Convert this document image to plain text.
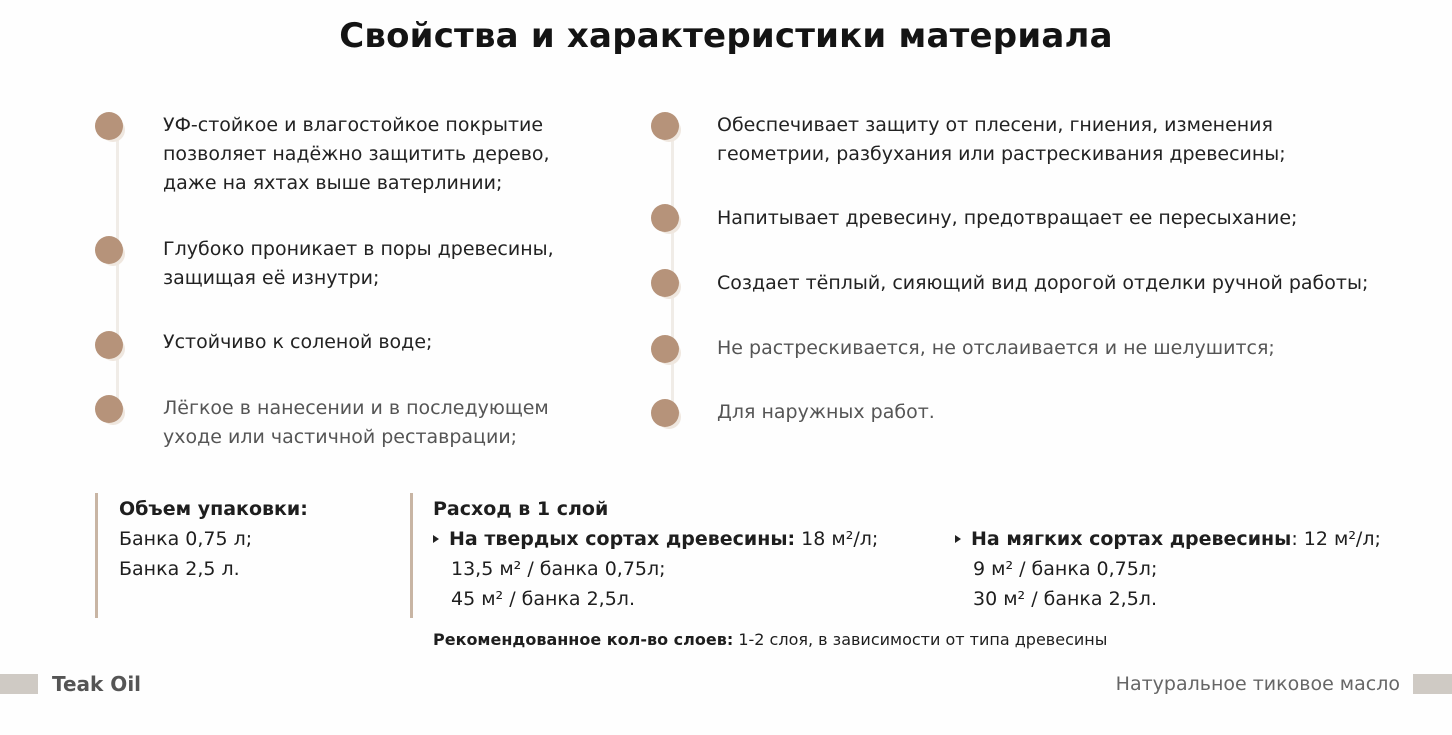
Свойства и характеристики материала
УФ-стойкое и влагостойкое покрытие
позволяет надёжно защитить дерево,
даже на яхтах выше ватерлинии;
Глубоко проникает в поры древесины,
защищая её изнутри;
Устойчиво к соленой воде;
Лёгкое в нанесении и в последующем
уходе или частичной реставрации;
Обеспечивает защиту от плесени, гниения, изменения
геометрии, разбухания или растрескивания древесины;
Напитывает древесину, предотвращает ее пересыхание;
Создает тёплый, сияющий вид дорогой отделки ручной работы;
Не растрескивается, не отслаивается и не шелушится;
Для наружных работ.
Объем упаковки:
Банка 0,75 л;
Банка 2,5 л.
Расход в 1 слой
На твердых сортах древесины: 18 м²/л;
13,5 м² / банка 0,75л;
45 м² / банка 2,5л.
На мягких сортах древесины: 12 м²/л;
9 м² / банка 0,75л;
30 м² / банка 2,5л.
Рекомендованное кол-во слоев: 1-2 слоя, в зависимости от типа древесины
Teak Oil	Натуральное тиковое масло
